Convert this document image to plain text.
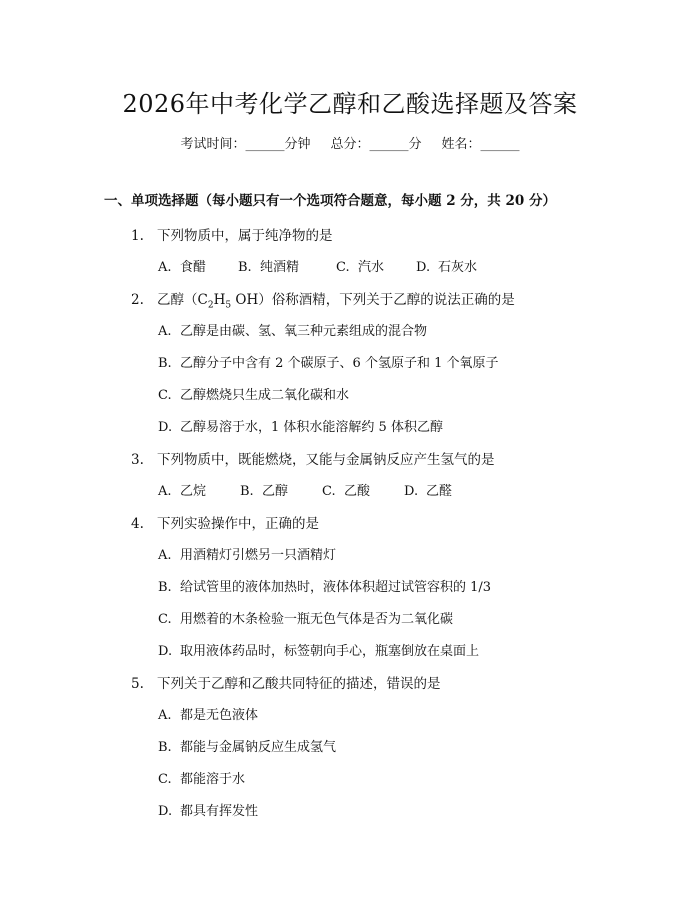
2026年中考化学乙醇和乙酸选择题及答案
考试时间：______分钟 总分：______分 姓名：______
一、单项选择题（每小题只有一个选项符合题意，每小题 2 分，共 20 分）
1. 下列物质中，属于纯净物的是
A. 食醋 B. 纯酒精	C. 汽水 D. 石灰水
2. 乙醇（$C_2H_5$ OH）俗称酒精，下列关于乙醇的说法正确的是
A. 乙醇是由碳、氢、氧三种元素组成的混合物
B. 乙醇分子中含有 2 个碳原子、6 个氢原子和 1 个氧原子
C. 乙醇燃烧只生成二氧化碳和水
D. 乙醇易溶于水，1 体积水能溶解约 5 体积乙醇
3. 下列物质中，既能燃烧，又能与金属钠反应产生氢气的是
A. 乙烷	B. 乙醇	C. 乙酸	D. 乙醛
4. 下列实验操作中，正确的是
A. 用酒精灯引燃另一只酒精灯
B. 给试管里的液体加热时，液体体积超过试管容积的 1/3
C. 用燃着的木条检验一瓶无色气体是否为二氧化碳
D. 取用液体药品时，标签朝向手心，瓶塞倒放在桌面上
5. 下列关于乙醇和乙酸共同特征的描述，错误的是
A. 都是无色液体
B. 都能与金属钠反应生成氢气
C. 都能溶于水
D. 都具有挥发性
